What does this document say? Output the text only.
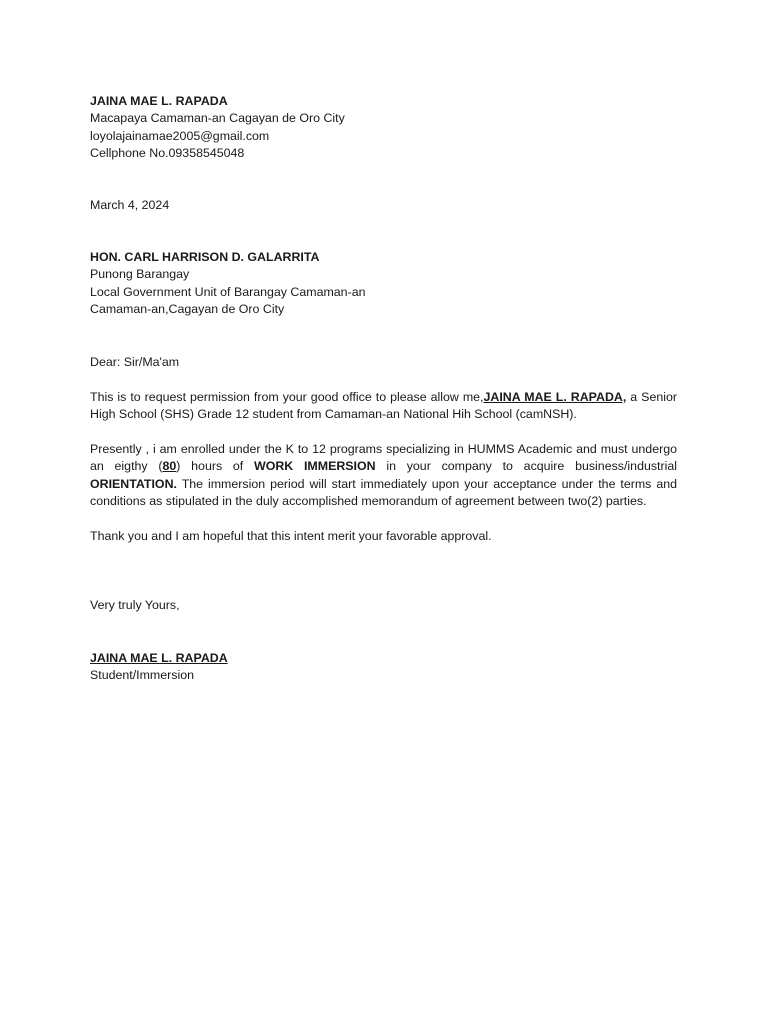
JAINA MAE L. RAPADA
Macapaya Camaman-an Cagayan de Oro City
loyolajainamae2005@gmail.com
Cellphone No.09358545048
March 4, 2024
HON. CARL HARRISON D. GALARRITA
Punong Barangay
Local Government Unit of Barangay Camaman-an
Camaman-an,Cagayan de Oro City
Dear: Sir/Ma'am
This is to request permission from your good office to please allow me,JAINA MAE L. RAPADA, a Senior High School (SHS) Grade 12 student from Camaman-an National Hih School (camNSH).
Presently , i am enrolled under the K to 12 programs specializing in HUMMS Academic and must undergo an eigthy (80) hours of WORK IMMERSION in your company to acquire business/industrial ORIENTATION. The immersion period will start immediately upon your acceptance under the terms and conditions as stipulated in the duly accomplished memorandum of agreement between two(2) parties.
Thank you and I am hopeful that this intent merit your favorable approval.
Very truly Yours,
JAINA MAE L. RAPADA
Student/Immersion
